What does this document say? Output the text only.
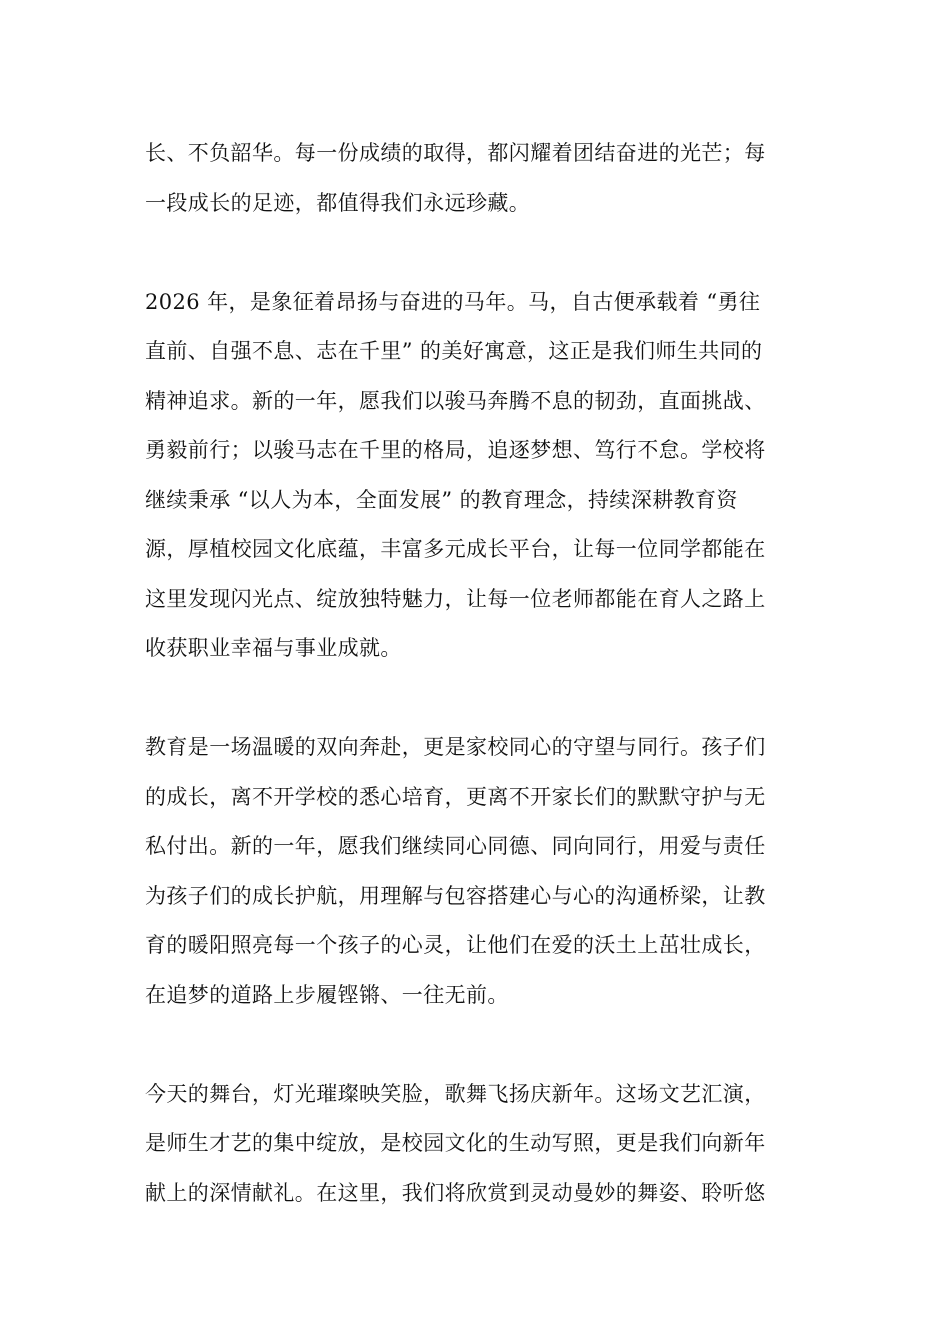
长、不负韶华。每一份成绩的取得，都闪耀着团结奋进的光芒；每
一段成长的足迹，都值得我们永远珍藏。
2026 年，是象征着昂扬与奋进的马年。马，自古便承载着 “勇往
直前、自强不息、志在千里” 的美好寓意，这正是我们师生共同的
精神追求。新的一年，愿我们以骏马奔腾不息的韧劲，直面挑战、
勇毅前行；以骏马志在千里的格局，追逐梦想、笃行不怠。学校将
继续秉承 “以人为本，全面发展” 的教育理念，持续深耕教育资
源，厚植校园文化底蕴，丰富多元成长平台，让每一位同学都能在
这里发现闪光点、绽放独特魅力，让每一位老师都能在育人之路上
收获职业幸福与事业成就。
教育是一场温暖的双向奔赴，更是家校同心的守望与同行。孩子们
的成长，离不开学校的悉心培育，更离不开家长们的默默守护与无
私付出。新的一年，愿我们继续同心同德、同向同行，用爱与责任
为孩子们的成长护航，用理解与包容搭建心与心的沟通桥梁，让教
育的暖阳照亮每一个孩子的心灵，让他们在爱的沃土上茁壮成长，
在追梦的道路上步履铿锵、一往无前。
今天的舞台，灯光璀璨映笑脸，歌舞飞扬庆新年。这场文艺汇演，
是师生才艺的集中绽放，是校园文化的生动写照，更是我们向新年
献上的深情献礼。在这里，我们将欣赏到灵动曼妙的舞姿、聆听悠
